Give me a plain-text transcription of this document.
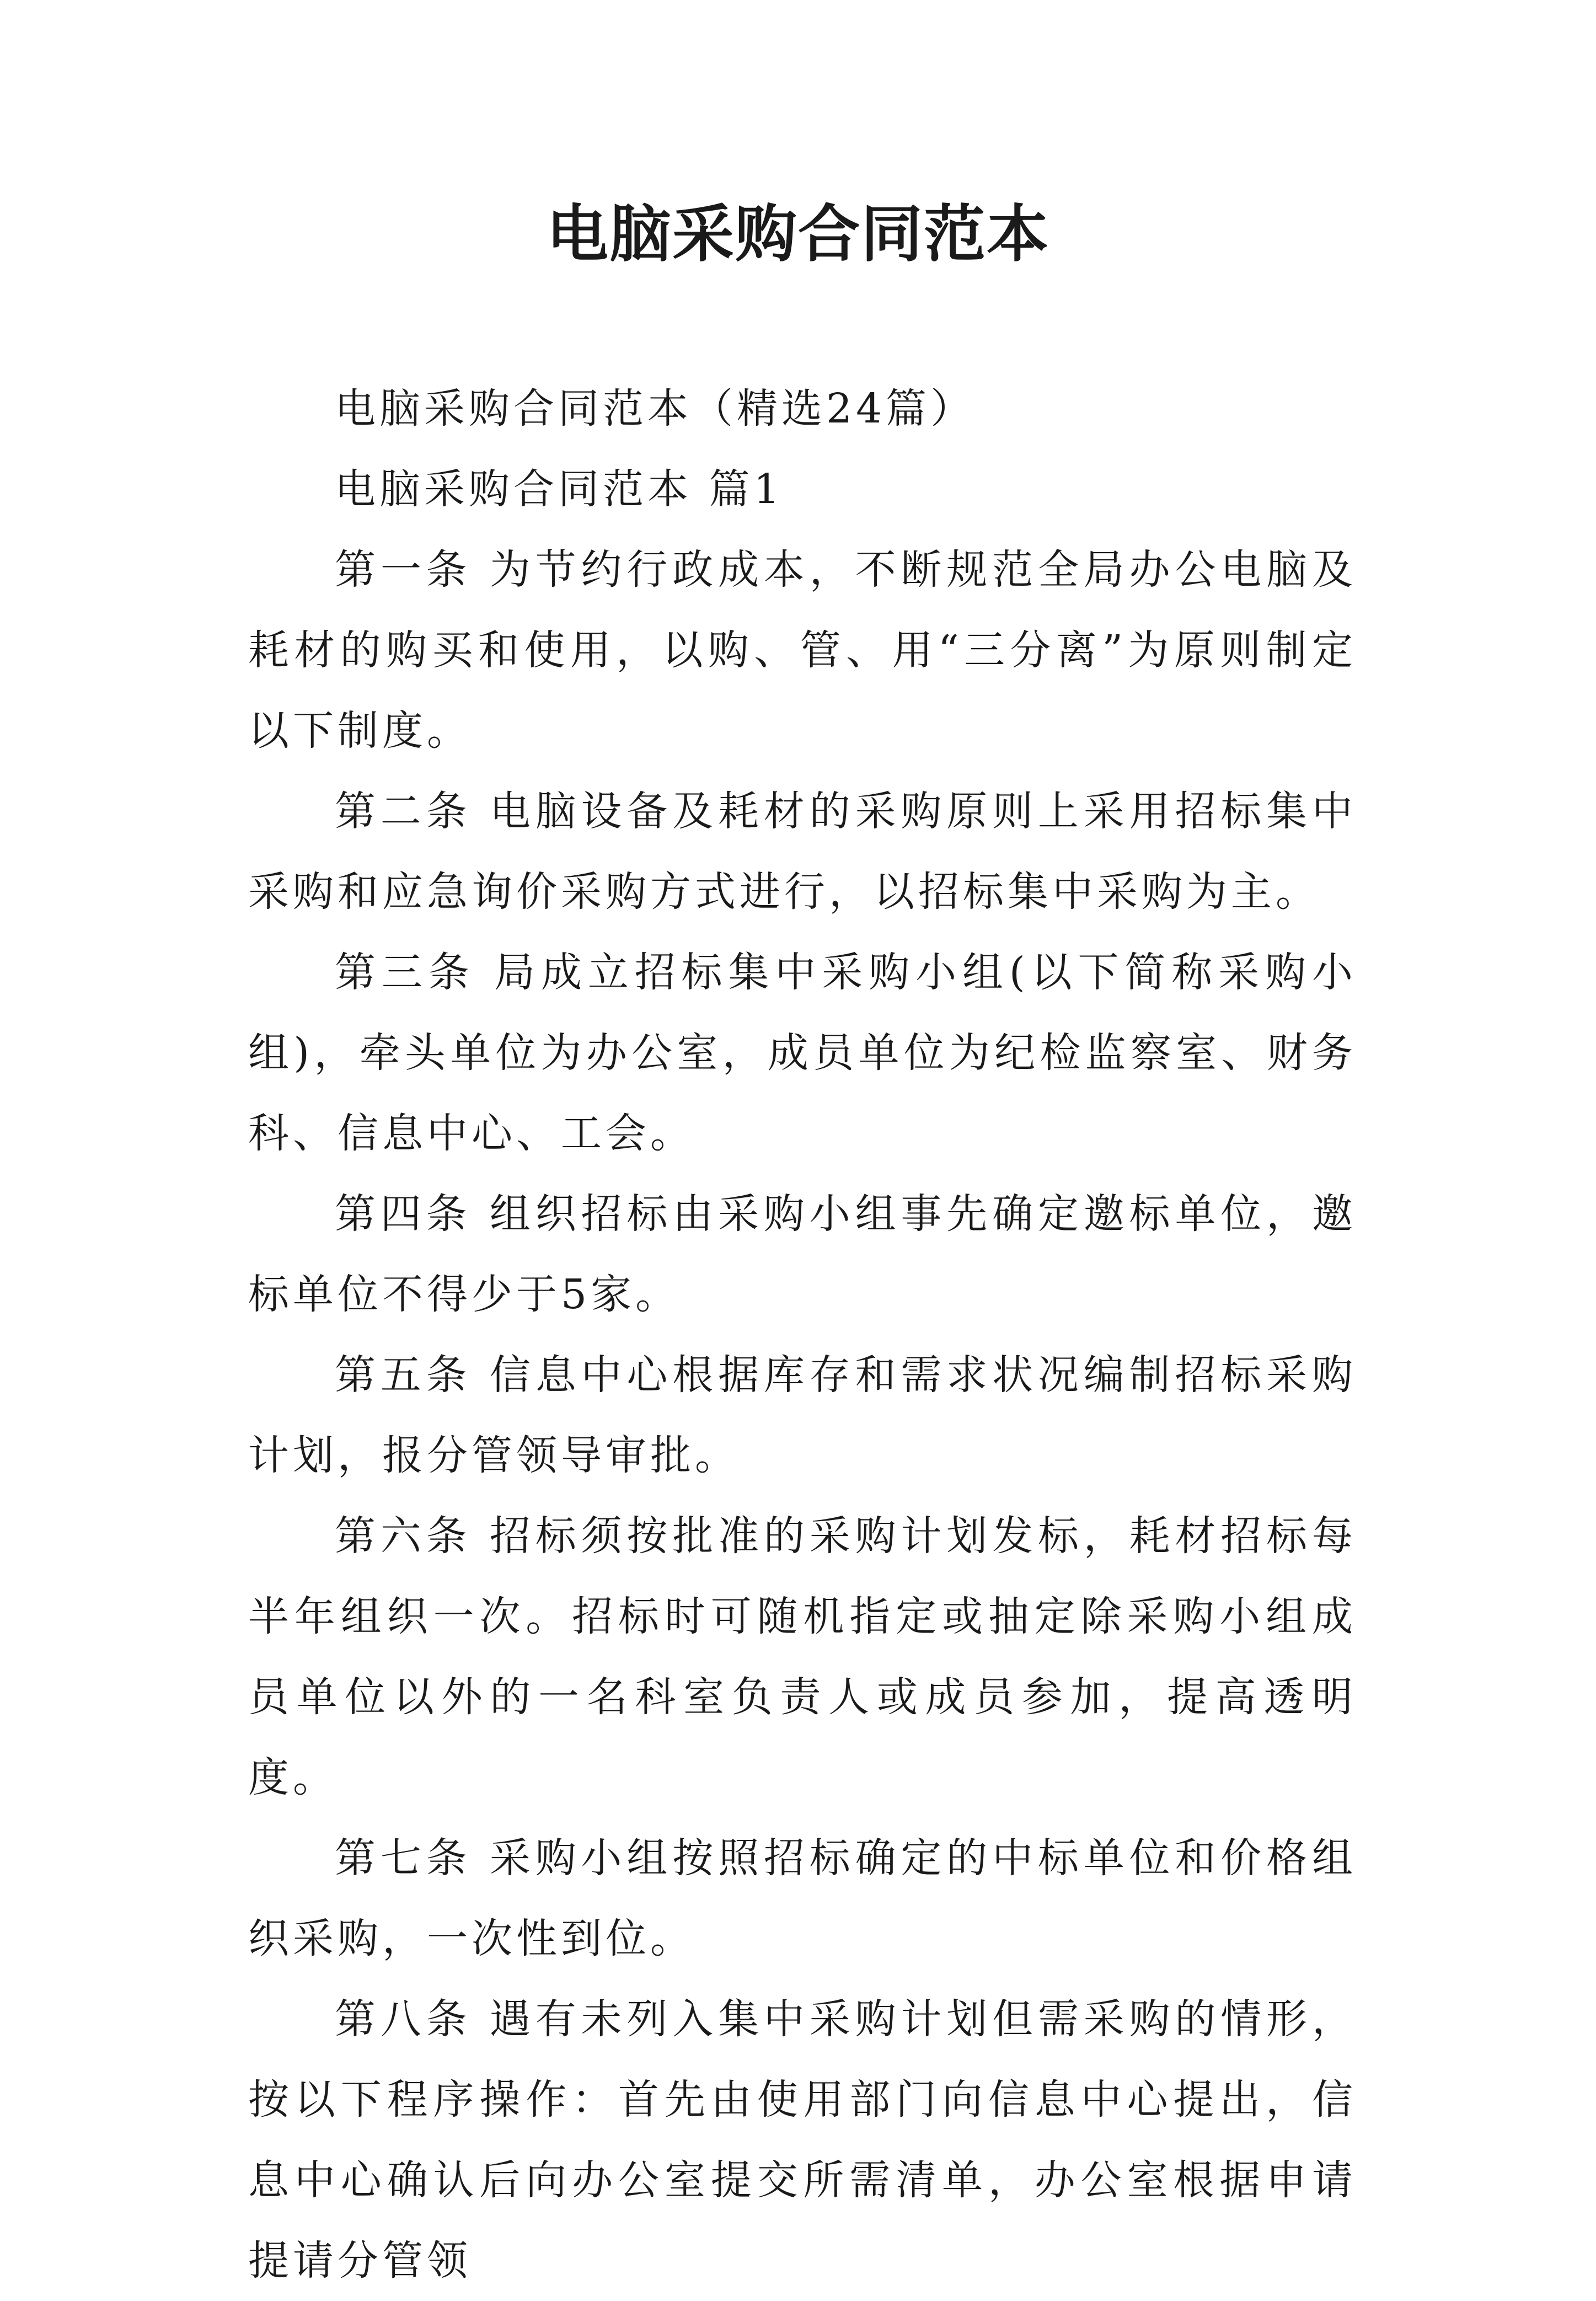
电脑采购合同范本

电脑采购合同范本（精选24篇）

电脑采购合同范本 篇1

第一条 为节约行政成本，不断规范全局办公电脑及耗材的购买和使用，以购、管、用“三分离”为原则制定以下制度。

第二条 电脑设备及耗材的采购原则上采用招标集中采购和应急询价采购方式进行，以招标集中采购为主。

第三条 局成立招标集中采购小组(以下简称采购小组)，牵头单位为办公室，成员单位为纪检监察室、财务科、信息中心、工会。

第四条 组织招标由采购小组事先确定邀标单位，邀标单位不得少于5家。

第五条 信息中心根据库存和需求状况编制招标采购计划，报分管领导审批。

第六条 招标须按批准的采购计划发标，耗材招标每半年组织一次。招标时可随机指定或抽定除采购小组成员单位以外的一名科室负责人或成员参加，提高透明度。

第七条 采购小组按照招标确定的中标单位和价格组织采购，一次性到位。

第八条 遇有未列入集中采购计划但需采购的情形，按以下程序操作：首先由使用部门向信息中心提出，信息中心确认后向办公室提交所需清单，办公室根据申请提请分管领
